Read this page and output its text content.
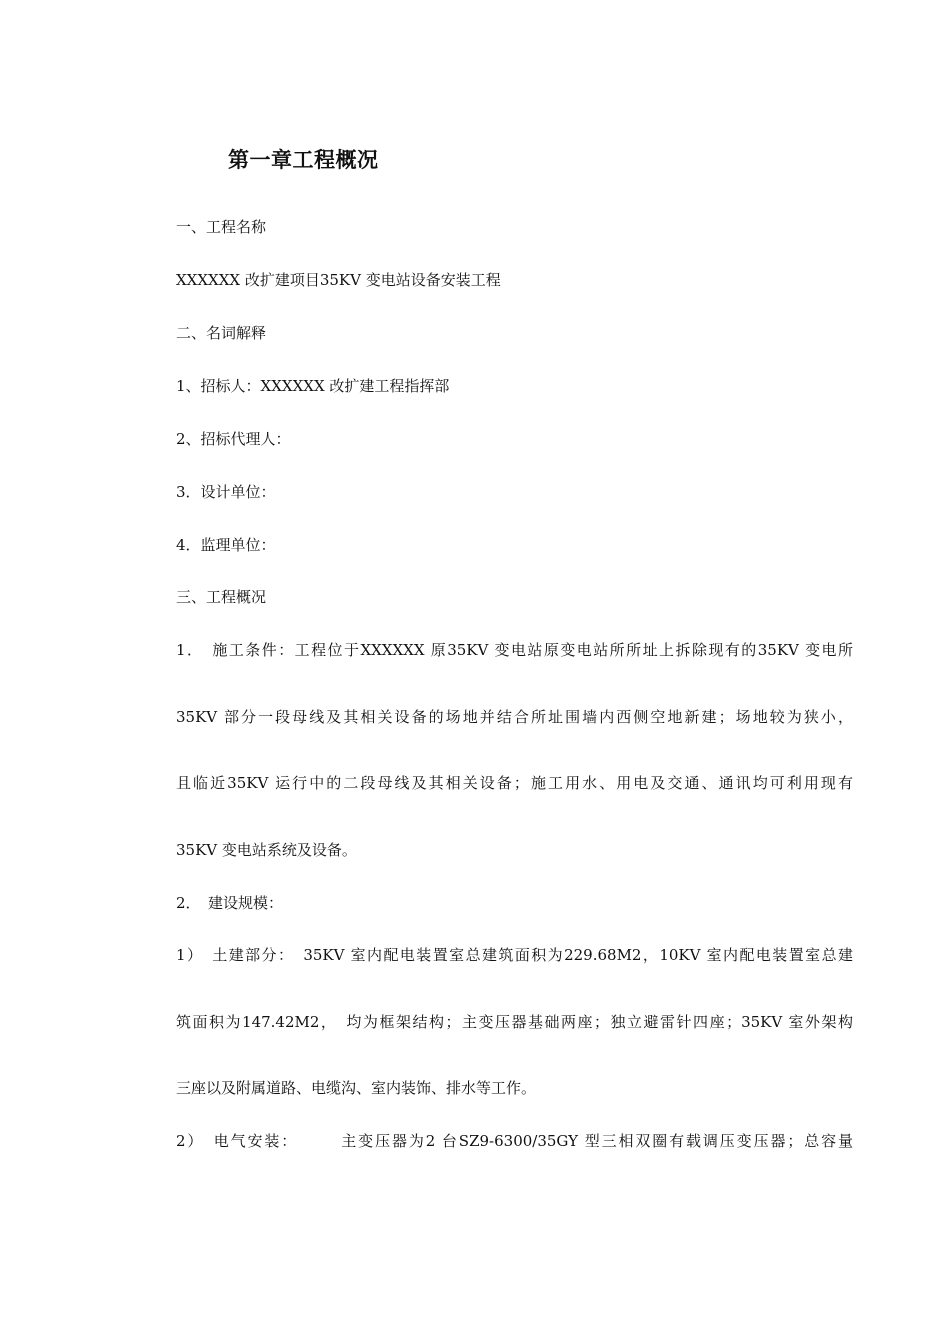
第一章工程概况
一、工程名称
XXXXXX 改扩建项目35KV 变电站设备安装工程
二、名词解释
1、招标人：XXXXXX 改扩建工程指挥部
2、招标代理人：
3．设计单位：
4．监理单位：
三、工程概况
1．　施工条件：工程位于XXXXXX 原35KV 变电站原变电站所所址上拆除现有的35KV 变电所
35KV 部分一段母线及其相关设备的场地并结合所址围墙内西侧空地新建；场地较为狭小，
且临近35KV 运行中的二段母线及其相关设备；施工用水、用电及交通、通讯均可利用现有
35KV 变电站系统及设备。
2．　建设规模：
1）　土建部分：　35KV 室内配电装置室总建筑面积为229.68M2，10KV 室内配电装置室总建
筑面积为147.42M2，　均为框架结构；主变压器基础两座；独立避雷针四座；35KV 室外架构
三座以及附属道路、电缆沟、室内装饰、排水等工作。
2）　电气安装：　　　主变压器为2 台SZ9-6300/35GY 型三相双圈有载调压变压器；总容量
